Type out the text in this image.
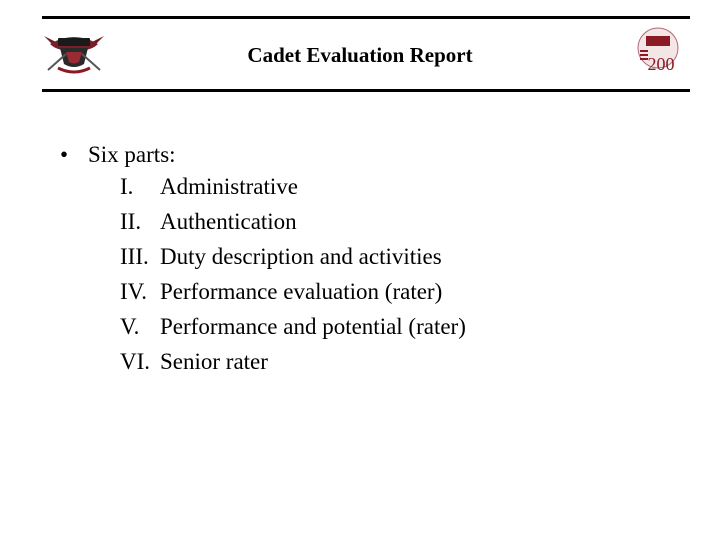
Cadet Evaluation Report	200
• Six parts:
I. Administrative
II. Authentication
III. Duty description and activities
IV. Performance evaluation (rater)
V. Performance and potential (rater)
VI. Senior rater
